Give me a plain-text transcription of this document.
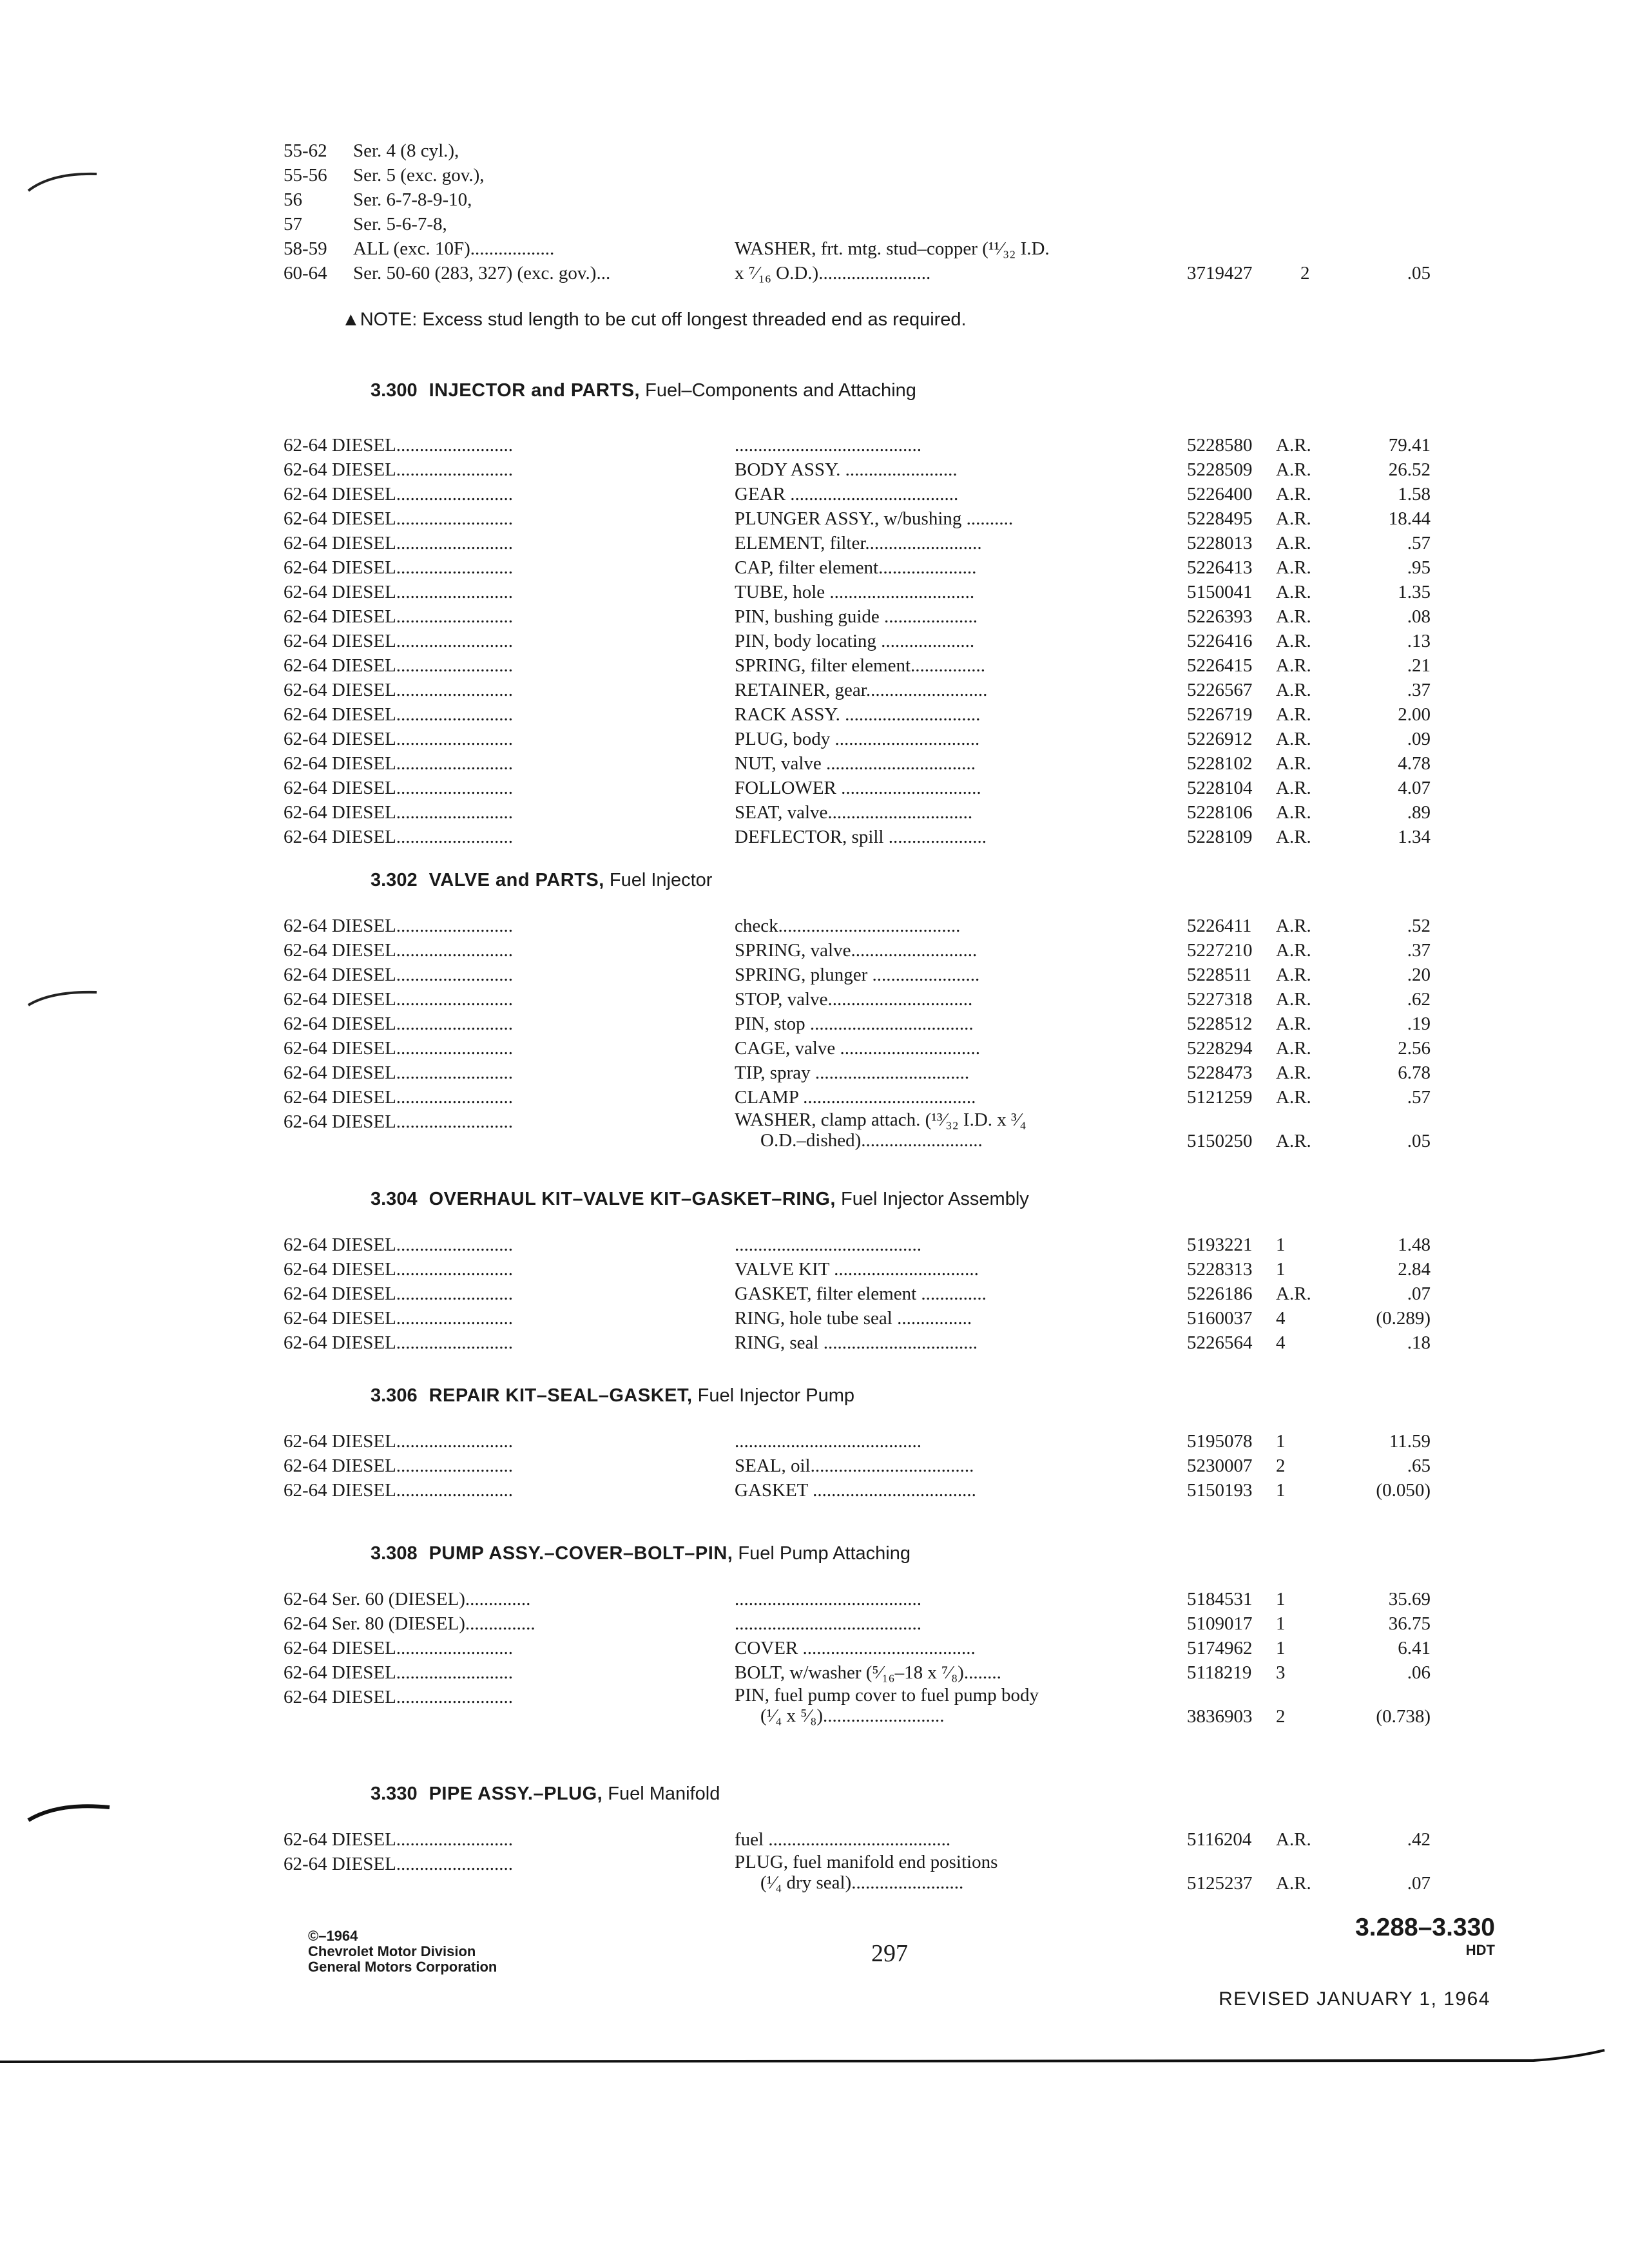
55-62 Ser. 4 (8 cyl.),
55-56 Ser. 5 (exc. gov.),
56	Ser. 6-7-8-9-10,
57	Ser. 5-6-7-8,
58-59 ALL (exc. 10F)..................	WASHER, frt. mtg. stud–copper (¹¹⁄₃₂ I.D.
60-64 Ser. 50-60 (283, 327) (exc. gov.)...	x ⁷⁄₁₆ O.D.)........................	3719427	2	.05
▲NOTE: Excess stud length to be cut off longest threaded end as required.
3.300 INJECTOR and PARTS, Fuel–Components and Attaching
62-64 DIESEL.........................	........................................	5228580 A.R.	79.41
62-64 DIESEL.........................	BODY ASSY. ........................	5228509 A.R.	26.52
62-64 DIESEL.........................	GEAR ....................................	5226400 A.R.	1.58
62-64 DIESEL.........................	PLUNGER ASSY., w/bushing ..........	5228495 A.R.	18.44
62-64 DIESEL.........................	ELEMENT, filter.........................	5228013 A.R.	.57
62-64 DIESEL.........................	CAP, filter element.....................	5226413 A.R.	.95
62-64 DIESEL.........................	TUBE, hole ...............................	5150041 A.R.	1.35
62-64 DIESEL.........................	PIN, bushing guide ....................	5226393 A.R.	.08
62-64 DIESEL.........................	PIN, body locating ....................	5226416 A.R.	.13
62-64 DIESEL.........................	SPRING, filter element................	5226415 A.R.	.21
62-64 DIESEL.........................	RETAINER, gear..........................	5226567 A.R.	.37
62-64 DIESEL.........................	RACK ASSY. .............................	5226719 A.R.	2.00
62-64 DIESEL.........................	PLUG, body ...............................	5226912 A.R.	.09
62-64 DIESEL.........................	NUT, valve ................................	5228102 A.R.	4.78
62-64 DIESEL.........................	FOLLOWER ..............................	5228104 A.R.	4.07
62-64 DIESEL.........................	SEAT, valve...............................	5228106 A.R.	.89
62-64 DIESEL.........................	DEFLECTOR, spill .....................	5228109 A.R.	1.34
3.302 VALVE and PARTS, Fuel Injector
62-64 DIESEL.........................	check.......................................	5226411 A.R.	.52
62-64 DIESEL.........................	SPRING, valve...........................	5227210 A.R.	.37
62-64 DIESEL.........................	SPRING, plunger .......................	5228511 A.R.	.20
62-64 DIESEL.........................	STOP, valve...............................	5227318 A.R.	.62
62-64 DIESEL.........................	PIN, stop ...................................	5228512 A.R.	.19
62-64 DIESEL.........................	CAGE, valve ..............................	5228294 A.R.	2.56
62-64 DIESEL.........................	TIP, spray .................................	5228473 A.R.	6.78
62-64 DIESEL.........................	CLAMP .....................................	5121259 A.R.	.57
62-64 DIESEL.........................	WASHER, clamp attach. (¹³⁄₃₂ I.D. x ³⁄₄
O.D.–dished)..........................	5150250 A.R.	.05
3.304 OVERHAUL KIT–VALVE KIT–GASKET–RING, Fuel Injector Assembly
62-64 DIESEL.........................	........................................	5193221 1	1.48
62-64 DIESEL.........................	VALVE KIT ...............................	5228313 1	2.84
62-64 DIESEL.........................	GASKET, filter element ..............	5226186 A.R.	.07
62-64 DIESEL.........................	RING, hole tube seal ................	5160037 4	(0.289)
62-64 DIESEL.........................	RING, seal .................................	5226564 4	.18
3.306 REPAIR KIT–SEAL–GASKET, Fuel Injector Pump
62-64 DIESEL.........................	........................................	5195078 1	11.59
62-64 DIESEL.........................	SEAL, oil...................................	5230007 2	.65
62-64 DIESEL.........................	GASKET ...................................	5150193 1	(0.050)
3.308 PUMP ASSY.–COVER–BOLT–PIN, Fuel Pump Attaching
62-64 Ser. 60 (DIESEL)..............	........................................	5184531 1	35.69
62-64 Ser. 80 (DIESEL)...............	........................................	5109017 1	36.75
62-64 DIESEL.........................	COVER .....................................	5174962 1	6.41
62-64 DIESEL.........................	BOLT, w/washer (⁵⁄₁₆–18 x ⁷⁄₈)........	5118219 3	.06
62-64 DIESEL.........................	PIN, fuel pump cover to fuel pump body
(¹⁄₄ x ⁵⁄₈)..........................	3836903 2	(0.738)
3.330 PIPE ASSY.–PLUG, Fuel Manifold
62-64 DIESEL.........................	fuel .......................................	5116204 A.R.	.42
62-64 DIESEL.........................	PLUG, fuel manifold end positions
(¹⁄₄ dry seal)........................	5125237 A.R.	.07
©–1964
Chevrolet Motor Division
General Motors Corporation	297
3.288–3.330
HDT
REVISED JANUARY 1, 1964
